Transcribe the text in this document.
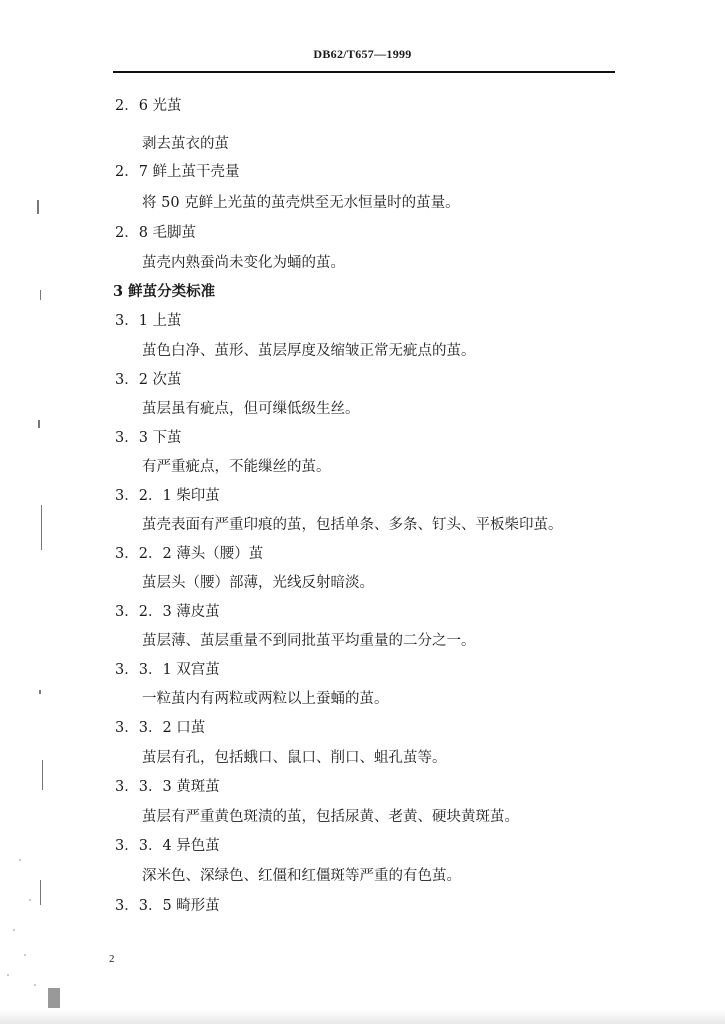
DB62/T657—1999
2．6 光茧
剥去茧衣的茧
2．7 鲜上茧干壳量
将 50 克鲜上光茧的茧壳烘至无水恒量时的茧量。
2．8 毛脚茧
茧壳内熟蚕尚未变化为蛹的茧。
3 鲜茧分类标准
3．1 上茧
茧色白净、茧形、茧层厚度及缩皱正常无疵点的茧。
3．2 次茧
茧层虽有疵点，但可缫低级生丝。
3．3 下茧
有严重疵点，不能缫丝的茧。
3．2．1 柴印茧
茧壳表面有严重印痕的茧，包括单条、多条、钉头、平板柴印茧。
3．2．2 薄头（腰）茧
茧层头（腰）部薄，光线反射暗淡。
3．2．3 薄皮茧
茧层薄、茧层重量不到同批茧平均重量的二分之一。
3．3．1 双宫茧
一粒茧内有两粒或两粒以上蚕蛹的茧。
3．3．2 口茧
茧层有孔，包括蛾口、鼠口、削口、蛆孔茧等。
3．3．3 黄斑茧
茧层有严重黄色斑渍的茧，包括尿黄、老黄、硬块黄斑茧。
3．3．4 异色茧
深米色、深绿色、红僵和红僵斑等严重的有色茧。
3．3．5 畸形茧
2
